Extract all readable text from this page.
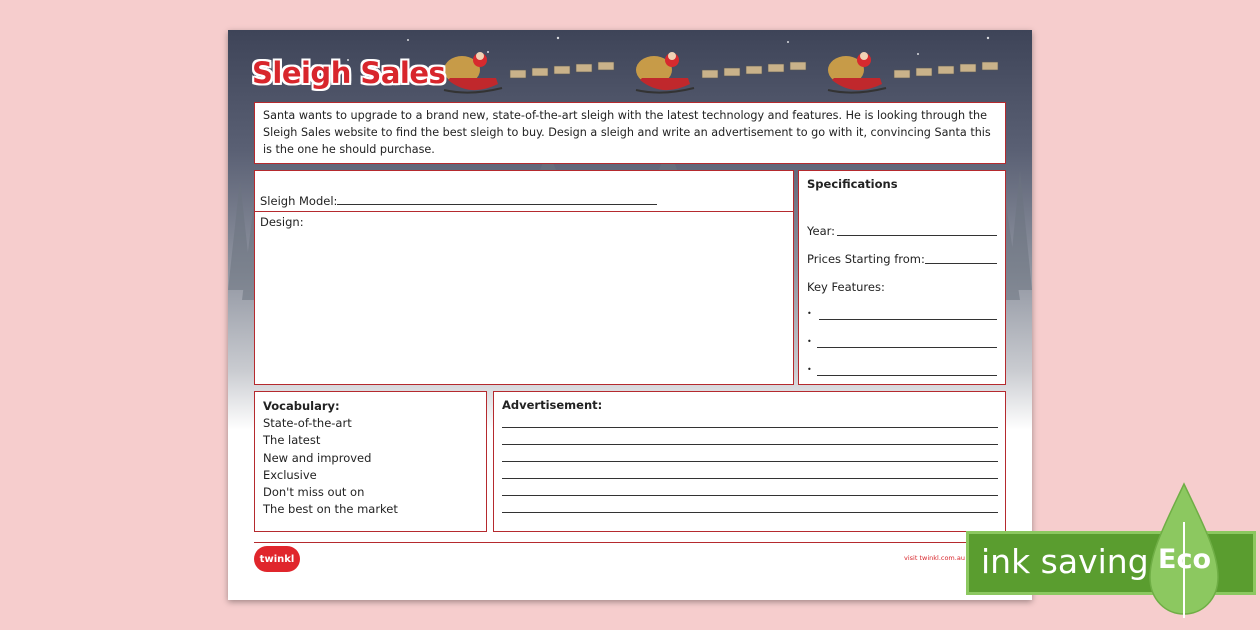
Sleigh Sales
Santa wants to upgrade to a brand new, state-of-the-art sleigh with the latest technology and features. He is looking through the Sleigh Sales website to find the best sleigh to buy. Design a sleigh and write an advertisement to go with it, convincing Santa this is the one he should purchase.
Sleigh Model:
Design:
Specifications
Year:
Prices Starting from:
Key Features:
•
•
•
Vocabulary:
State-of-the-art
The latest
New and improved
Exclusive
Don't miss out on
The best on the market
Advertisement:
twinkl	visit twinkl.com.au ink saving Eco
